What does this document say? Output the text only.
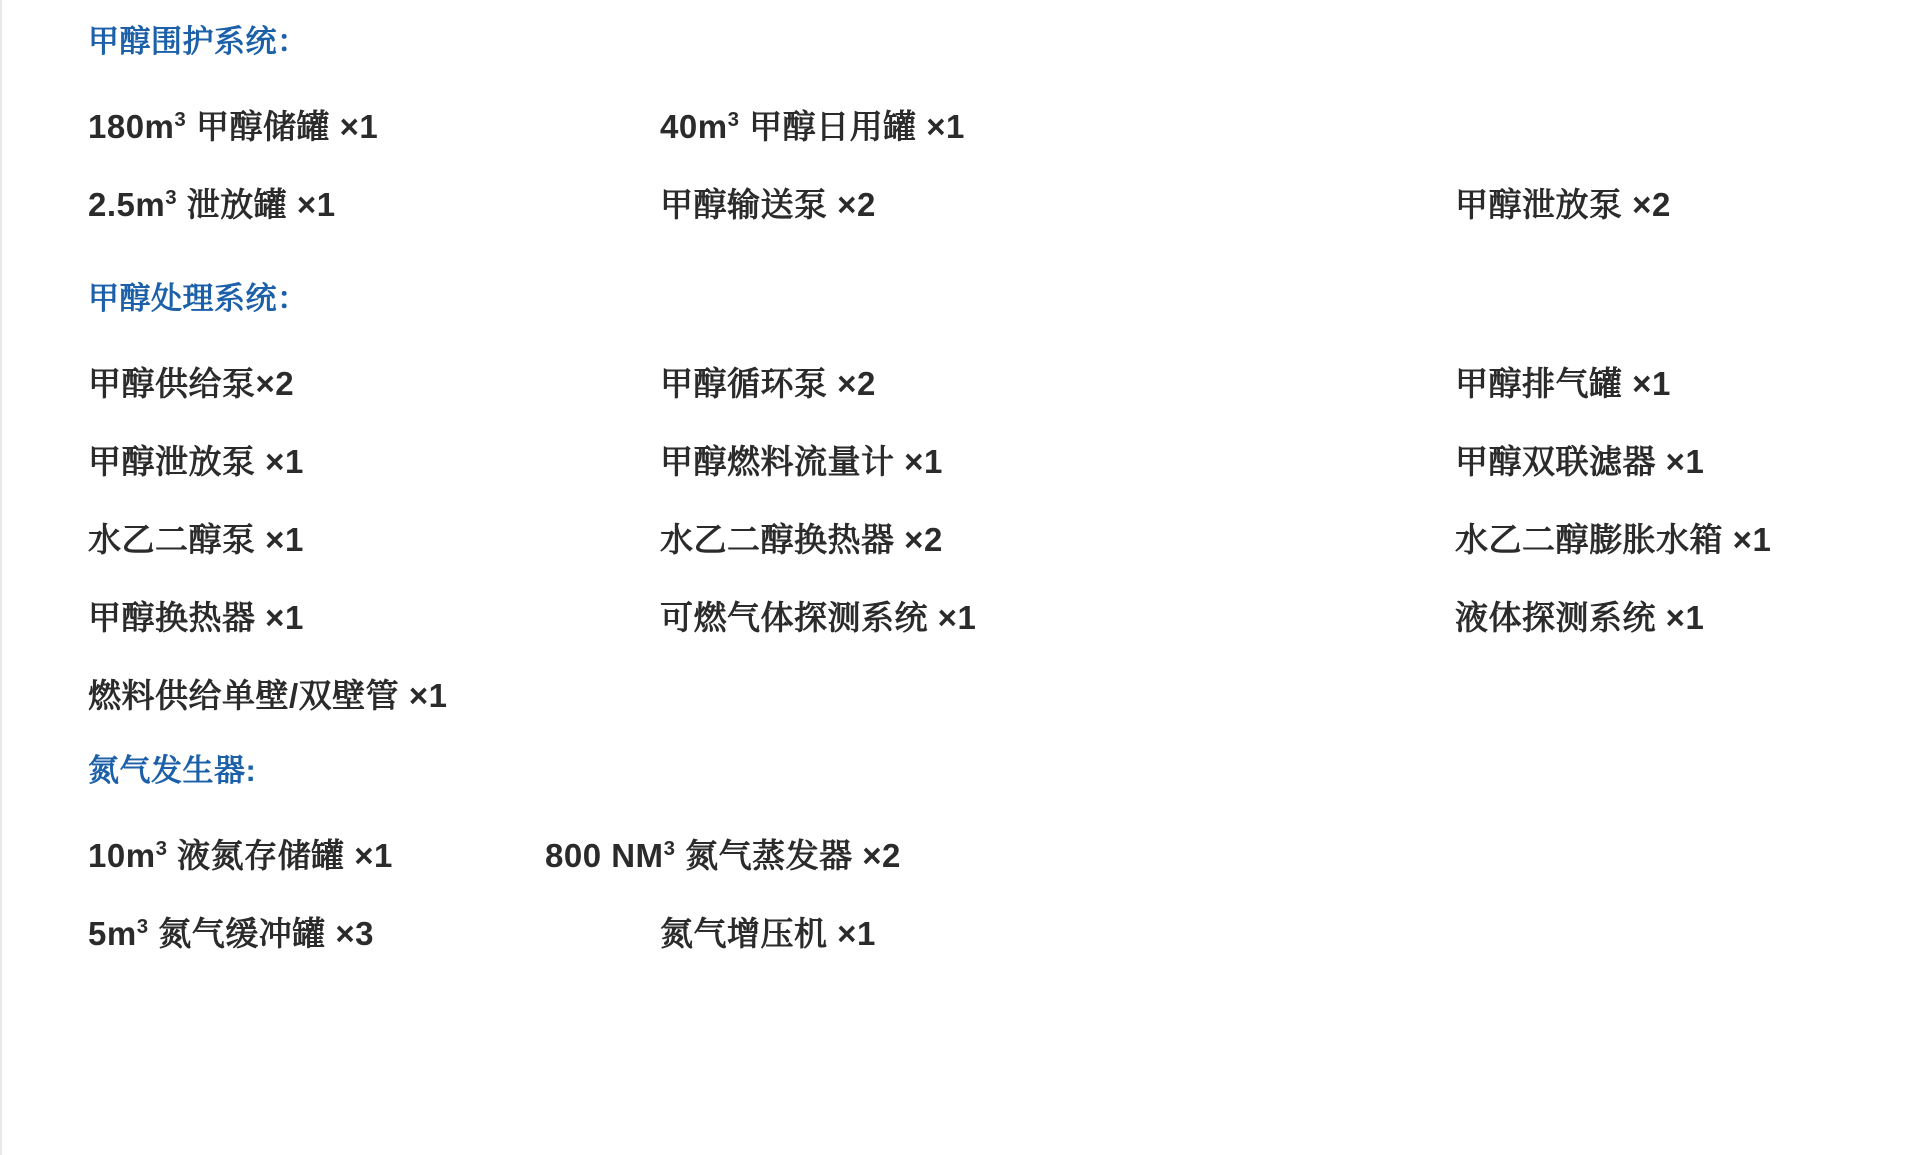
甲醇围护系统：
$180m^3$ 甲醇储罐 ×1	$40m^3$ 甲醇日用罐 ×1
$2.5m^3$ 泄放罐 ×1	甲醇输送泵 ×2	甲醇泄放泵 ×2
甲醇处理系统：
甲醇供给泵×2	甲醇循环泵 ×2	甲醇排气罐 ×1
甲醇泄放泵 ×1	甲醇燃料流量计 ×1	甲醇双联滤器 ×1
水乙二醇泵 ×1	水乙二醇换热器 ×2	水乙二醇膨胀水箱 ×1
甲醇换热器 ×1	可燃气体探测系统 ×1	液体探测系统 ×1
燃料供给单壁/双壁管 ×1
氮气发生器:
$10m^3$ 液氮存储罐 ×1	800 $NM^3$ 氮气蒸发器 ×2
$5m^3$ 氮气缓冲罐 ×3	氮气增压机 ×1
